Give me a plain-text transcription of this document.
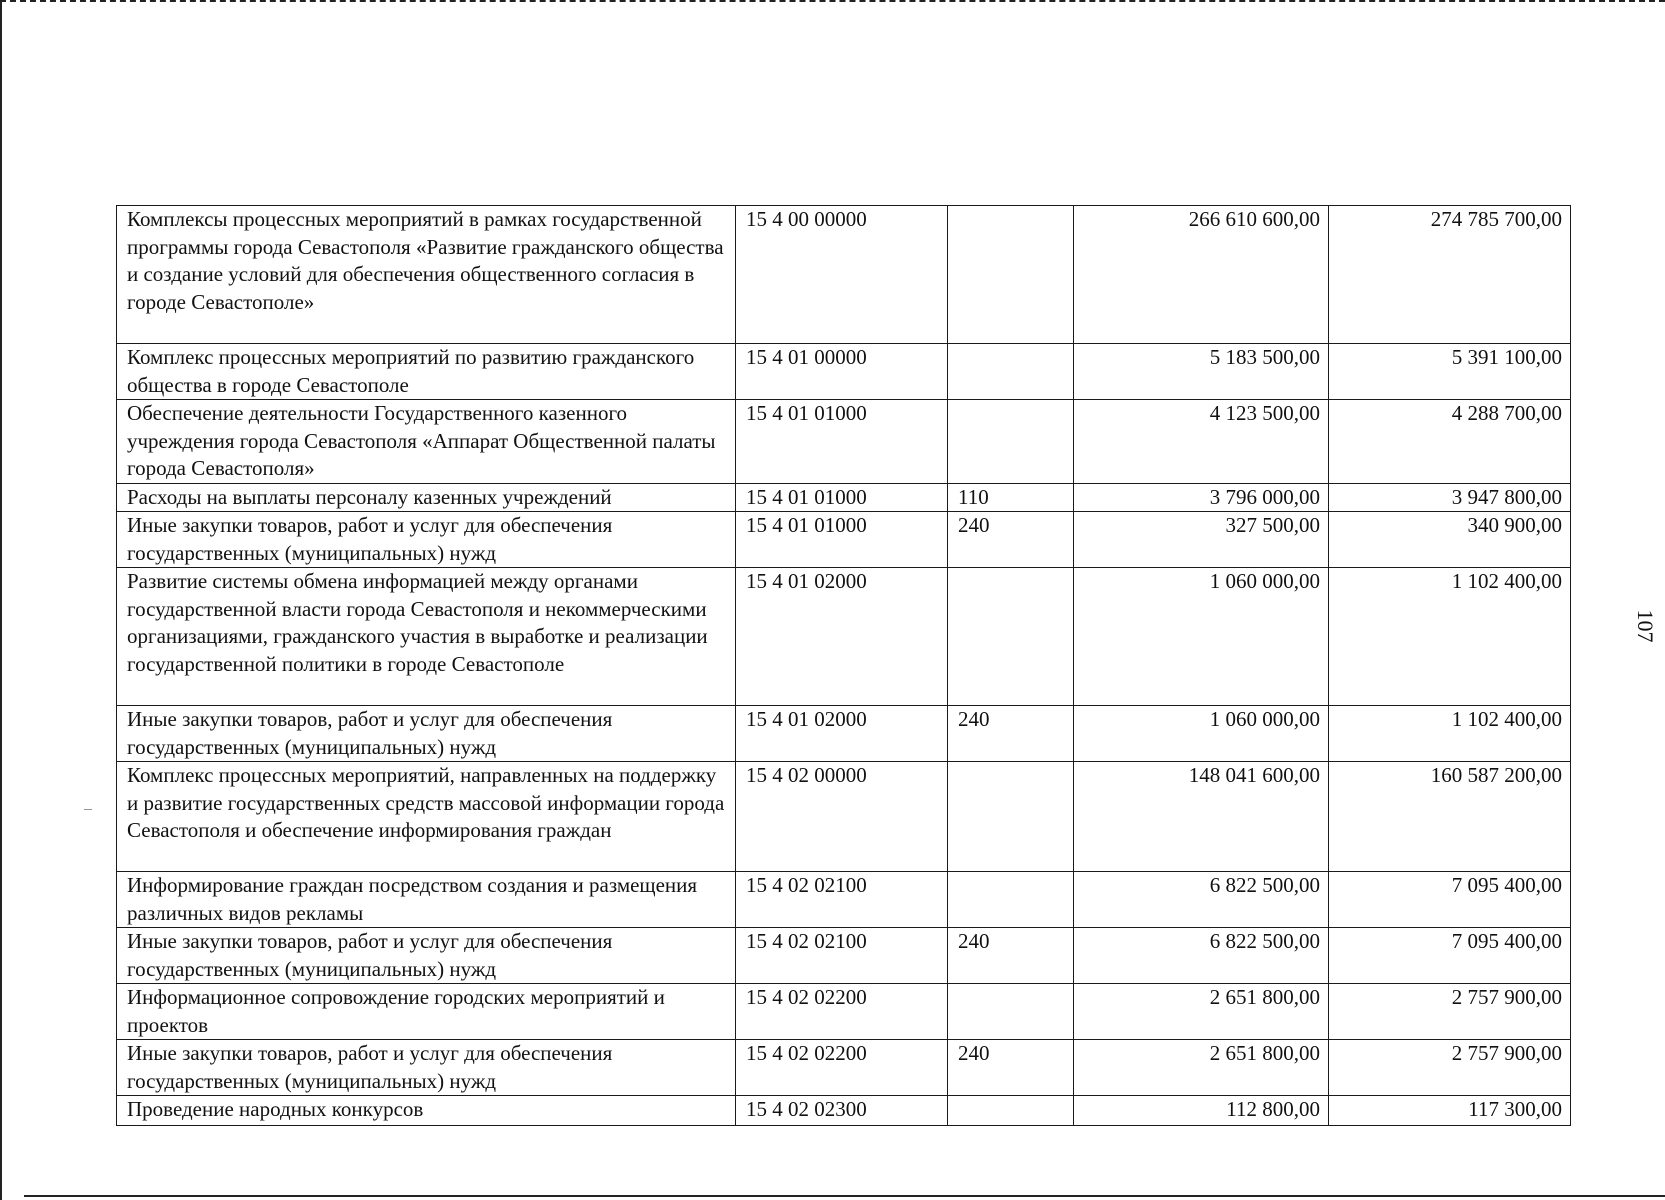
107
Комплексы процессных мероприятий в рамках государственной программы города Севастополя «Развитие гражданского общества и создание условий для обеспечения общественного согласия в городе Севастополе»	15 4 00 00000		266 610 600,00	274 785 700,00
Комплекс процессных мероприятий по развитию гражданского общества в городе Севастополе	15 4 01 00000		5 183 500,00	5 391 100,00
Обеспечение деятельности Государственного казенного учреждения города Севастополя «Аппарат Общественной палаты города Севастополя»	15 4 01 01000		4 123 500,00	4 288 700,00
Расходы на выплаты персоналу казенных учреждений	15 4 01 01000	110	3 796 000,00	3 947 800,00
Иные закупки товаров, работ и услуг для обеспечения государственных (муниципальных) нужд	15 4 01 01000	240	327 500,00	340 900,00
Развитие системы обмена информацией между органами государственной власти города Севастополя и некоммерческими организациями, гражданского участия в выработке и реализации государственной политики в городе Севастополе	15 4 01 02000		1 060 000,00	1 102 400,00
Иные закупки товаров, работ и услуг для обеспечения государственных (муниципальных) нужд	15 4 01 02000	240	1 060 000,00	1 102 400,00
Комплекс процессных мероприятий, направленных на поддержку и развитие государственных средств массовой информации города Севастополя и обеспечение информирования граждан	15 4 02 00000		148 041 600,00	160 587 200,00
Информирование граждан посредством создания и размещения различных видов рекламы	15 4 02 02100		6 822 500,00	7 095 400,00
Иные закупки товаров, работ и услуг для обеспечения государственных (муниципальных) нужд	15 4 02 02100	240	6 822 500,00	7 095 400,00
Информационное сопровождение городских мероприятий и проектов	15 4 02 02200		2 651 800,00	2 757 900,00
Иные закупки товаров, работ и услуг для обеспечения государственных (муниципальных) нужд	15 4 02 02200	240	2 651 800,00	2 757 900,00
Проведение народных конкурсов	15 4 02 02300		112 800,00	117 300,00
